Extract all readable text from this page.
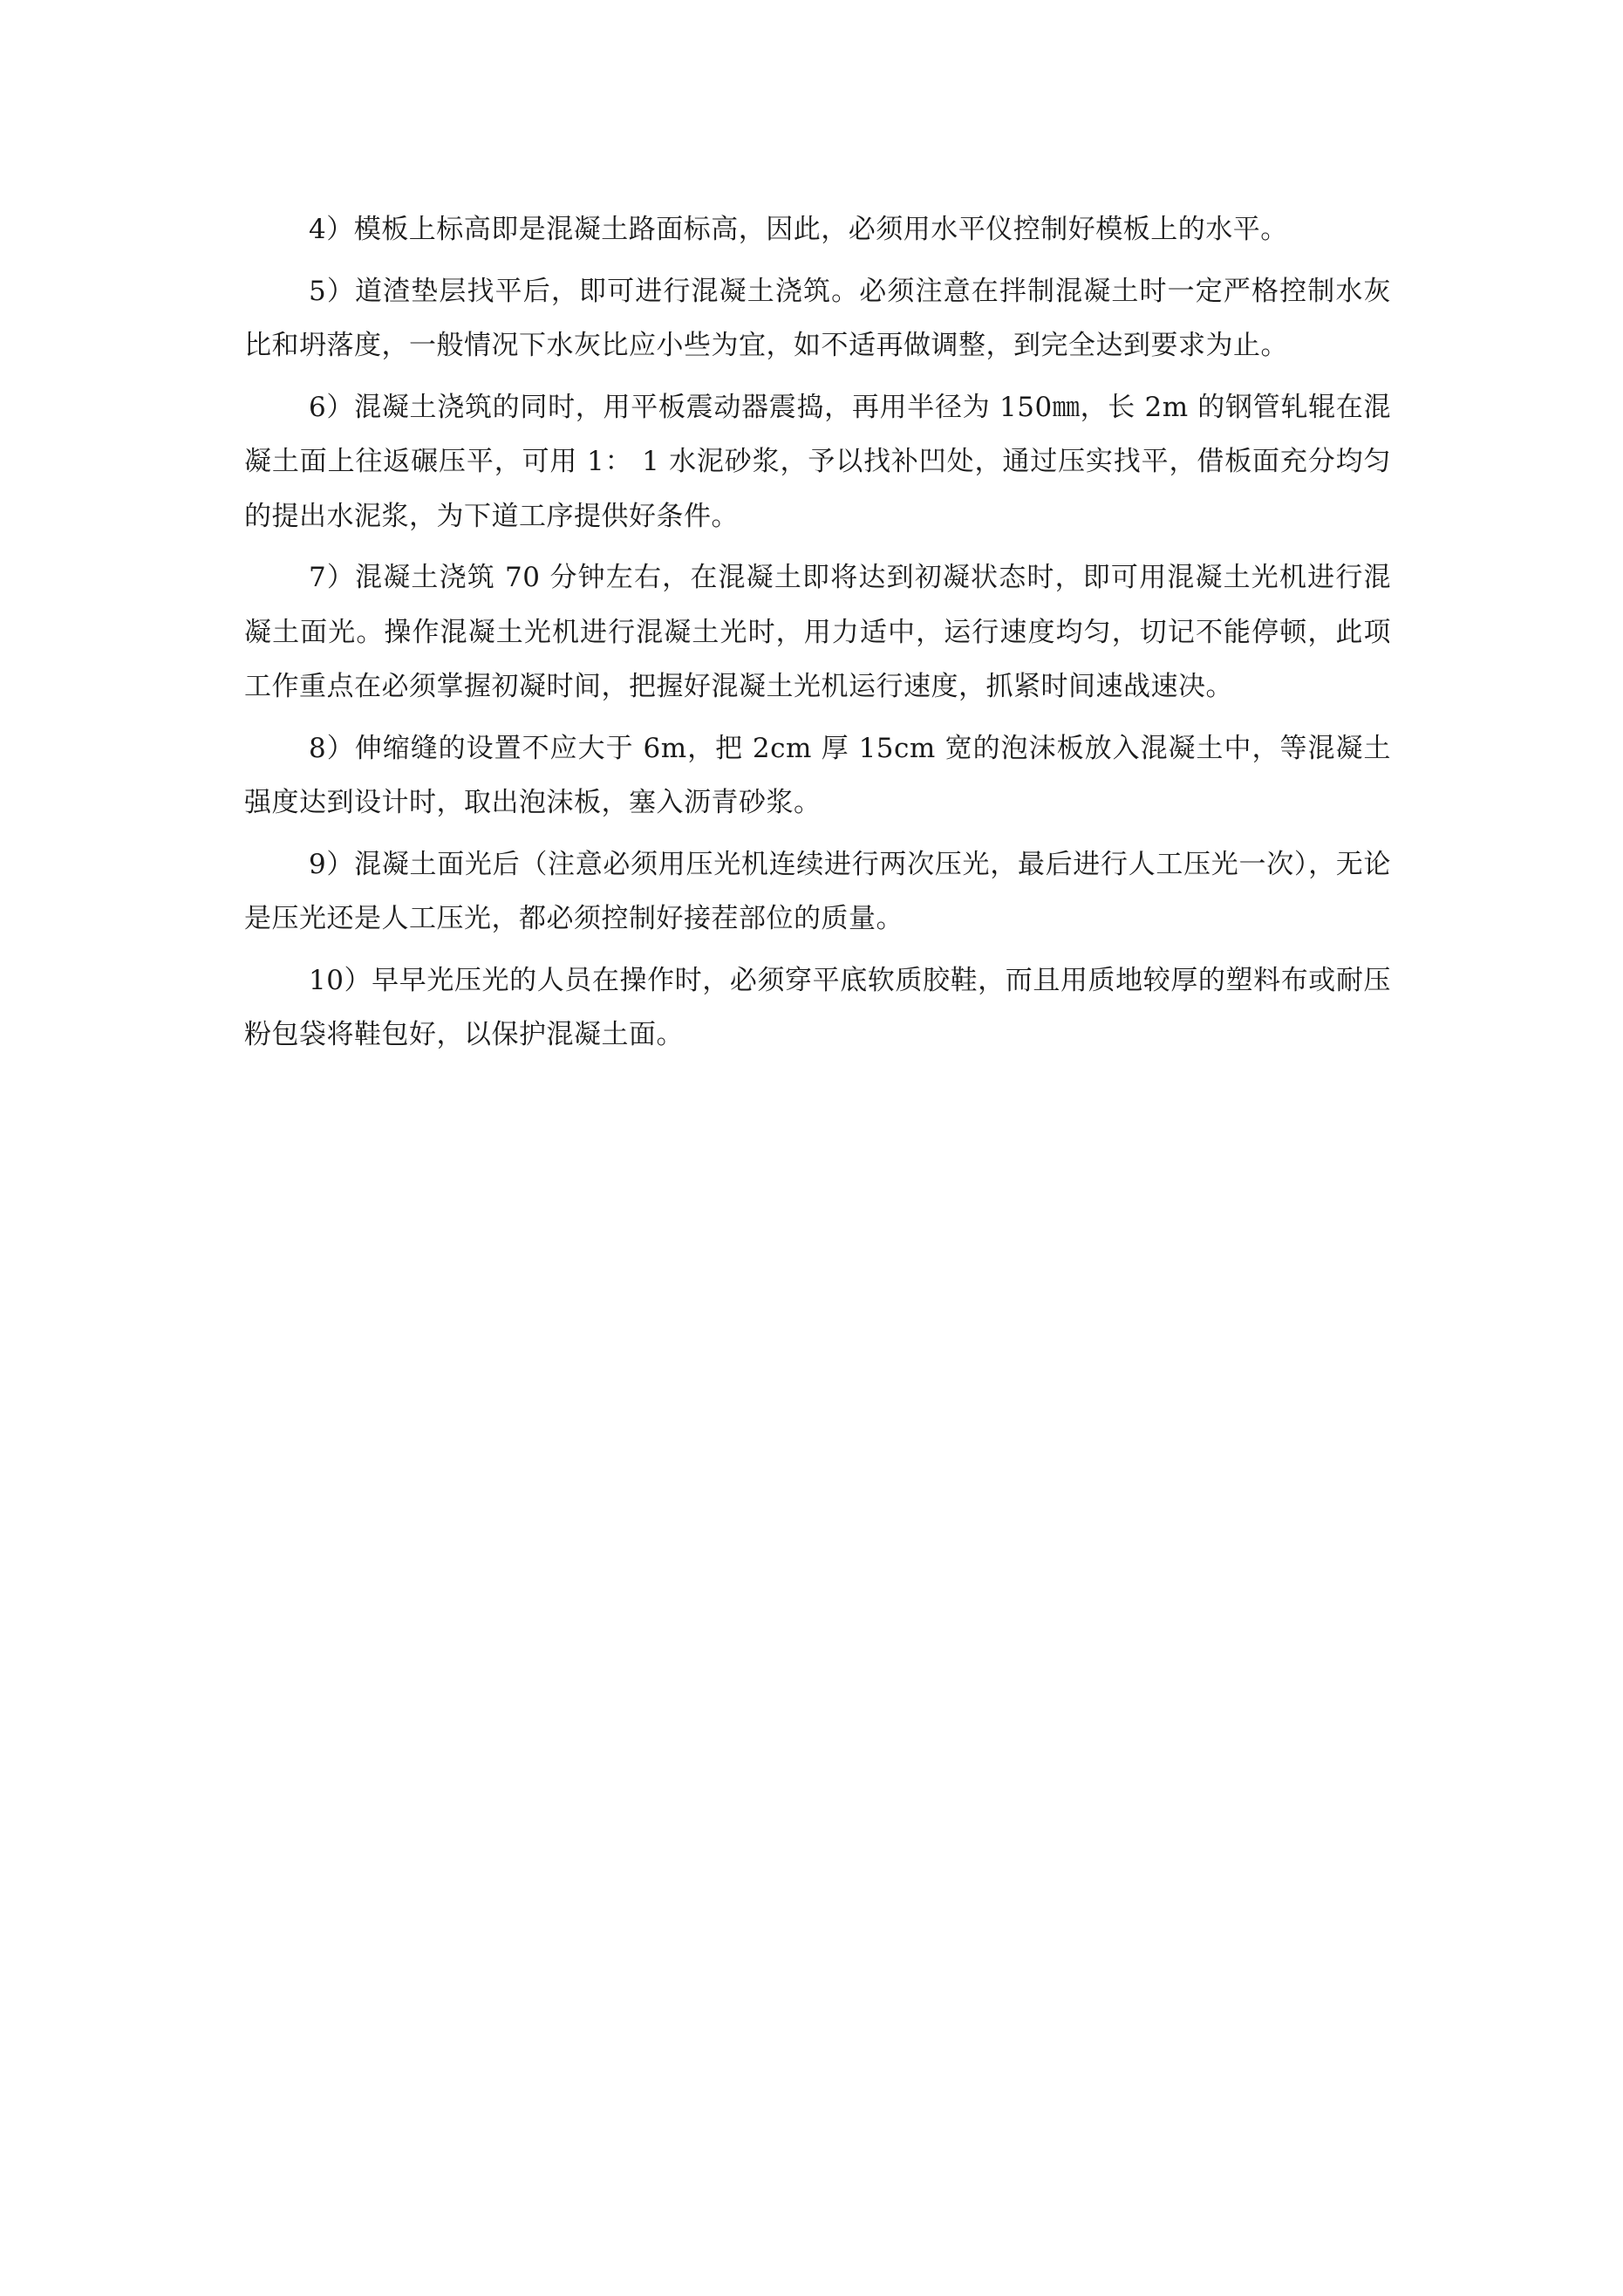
4）模板上标高即是混凝土路面标高，因此，必须用水平仪控制好模板上的水平。

5）道渣垫层找平后，即可进行混凝土浇筑。必须注意在拌制混凝土时一定严格控制水灰比和坍落度，一般情况下水灰比应小些为宜，如不适再做调整，到完全达到要求为止。

6）混凝土浇筑的同时，用平板震动器震捣，再用半径为 150㎜，长 2m 的钢管轧辊在混凝土面上往返碾压平，可用 1： 1 水泥砂浆，予以找补凹处，通过压实找平，借板面充分均匀的提出水泥浆，为下道工序提供好条件。

7）混凝土浇筑 70 分钟左右，在混凝土即将达到初凝状态时，即可用混凝土光机进行混凝土面光。操作混凝土光机进行混凝土光时，用力适中，运行速度均匀，切记不能停顿，此项工作重点在必须掌握初凝时间，把握好混凝土光机运行速度，抓紧时间速战速决。

8）伸缩缝的设置不应大于 6m，把 2cm 厚 15cm 宽的泡沫板放入混凝土中，等混凝土强度达到设计时，取出泡沫板，塞入沥青砂浆。

9）混凝土面光后（注意必须用压光机连续进行两次压光，最后进行人工压光一次），无论是压光还是人工压光，都必须控制好接茬部位的质量。

10）早早光压光的人员在操作时，必须穿平底软质胶鞋，而且用质地较厚的塑料布或耐压粉包袋将鞋包好，以保护混凝土面。
